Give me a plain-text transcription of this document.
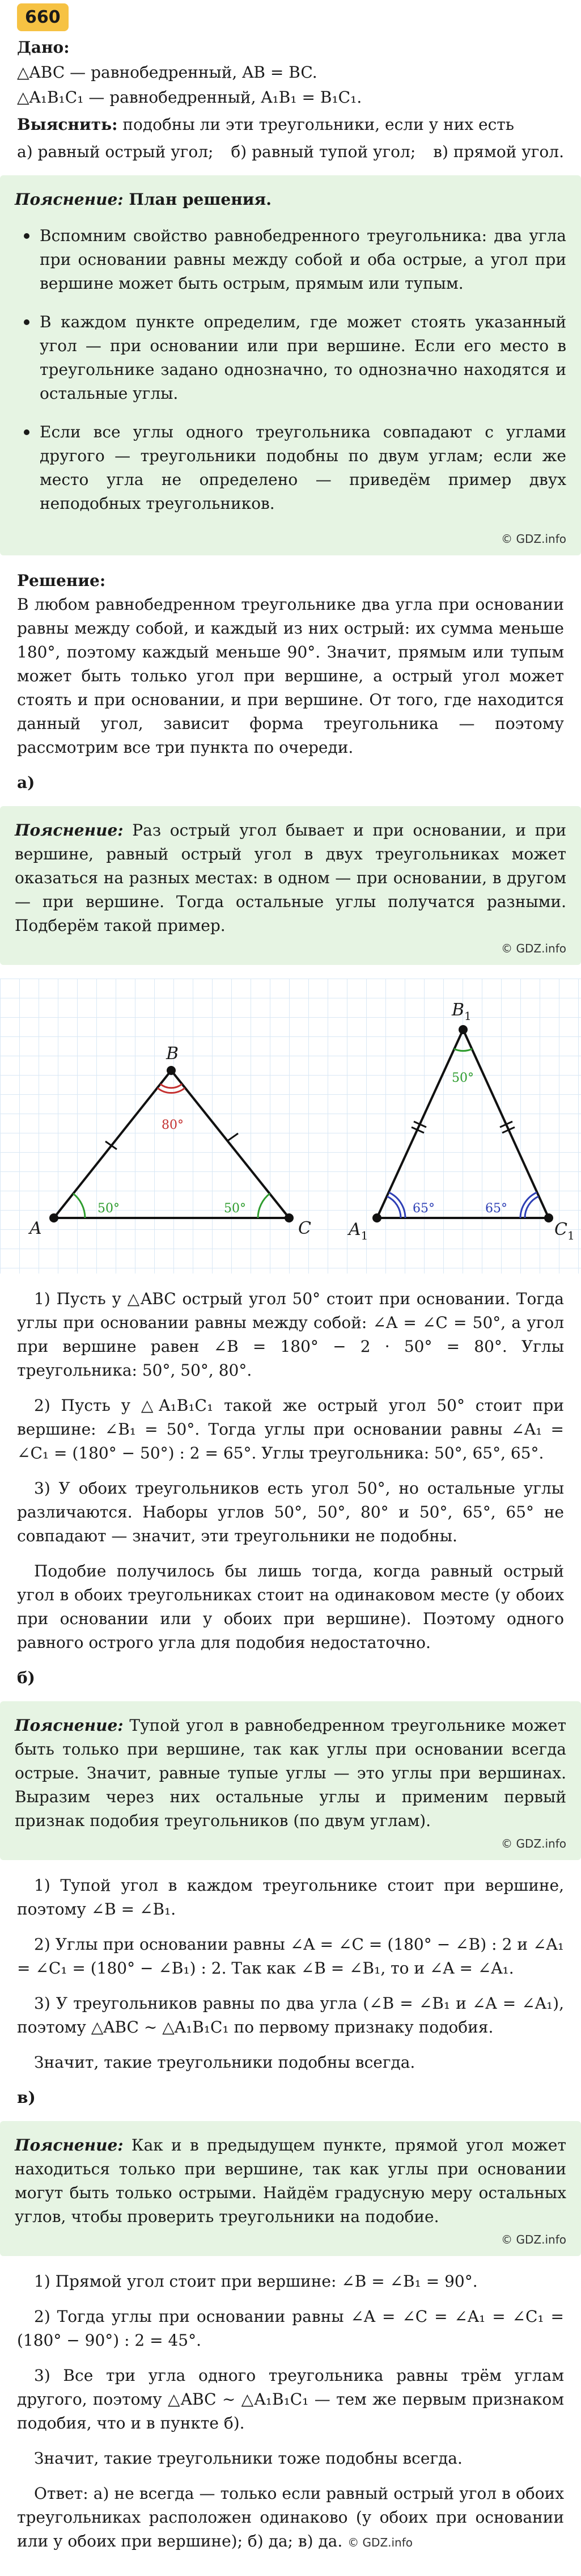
660
Дано:
△ABC — равнобедренный, AB = BC.
△A₁B₁C₁ — равнобедренный, A₁B₁ = B₁C₁.
Выяснить: подобны ли эти треугольники, если у них есть
а) равный острый угол; б) равный тупой угол; в) прямой угол.
Пояснение: План решения.
Вспомним свойство равнобедренного треугольника: два угла при основании равны между собой и оба острые, а угол при вершине может быть острым, прямым или тупым.
В каждом пункте определим, где может стоять указанный угол — при основании или при вершине. Если его место в треугольнике задано однозначно, то однозначно находятся и остальные углы.
Если все углы одного треугольника совпадают с углами другого — треугольники подобны по двум углам; если же место угла не определено — приведём пример двух неподобных треугольников.
© GDZ.info
Решение:
В любом равнобедренном треугольнике два угла при основании равны между собой, и каждый из них острый: их сумма меньше 180°, поэтому каждый меньше 90°. Значит, прямым или тупым может быть только угол при вершине, а острый угол может стоять и при основании, и при вершине. От того, где находится данный угол, зависит форма треугольника — поэтому рассмотрим все три пункта по очереди.
а)
Пояснение: Раз острый угол бывает и при основании, и при вершине, равный острый угол в двух треугольниках может оказаться на разных местах: в одном — при основании, в другом — при вершине. Тогда остальные углы получатся разными. Подберём такой пример.
© GDZ.info
A
B
C
50°	50°
80°
$A_1$
$B_1$
$C_1$
65°	65°
50°
1) Пусть у △ABC острый угол 50° стоит при основании. Тогда углы при основании равны между собой: ∠A = ∠C = 50°, а угол при вершине равен ∠B = 180° − 2 · 50° = 80°. Углы треугольника: 50°, 50°, 80°.
2) Пусть у △A₁B₁C₁ такой же острый угол 50° стоит при вершине: ∠B₁ = 50°. Тогда углы при основании равны ∠A₁ = ∠C₁ = (180° − 50°) : 2 = 65°. Углы треугольника: 50°, 65°, 65°.
3) У обоих треугольников есть угол 50°, но остальные углы различаются. Наборы углов 50°, 50°, 80° и 50°, 65°, 65° не совпадают — значит, эти треугольники не подобны.
Подобие получилось бы лишь тогда, когда равный острый угол в обоих треугольниках стоит на одинаковом месте (у обоих при основании или у обоих при вершине). Поэтому одного равного острого угла для подобия недостаточно.
б)
Пояснение: Тупой угол в равнобедренном треугольнике может быть только при вершине, так как углы при основании всегда острые. Значит, равные тупые углы — это углы при вершинах. Выразим через них остальные углы и применим первый признак подобия треугольников (по двум углам).
© GDZ.info
1) Тупой угол в каждом треугольнике стоит при вершине, поэтому ∠B = ∠B₁.
2) Углы при основании равны ∠A = ∠C = (180° − ∠B) : 2 и ∠A₁ = ∠C₁ = (180° − ∠B₁) : 2. Так как ∠B = ∠B₁, то и ∠A = ∠A₁.
3) У треугольников равны по два угла (∠B = ∠B₁ и ∠A = ∠A₁), поэтому △ABC ∼ △A₁B₁C₁ по первому признаку подобия.
Значит, такие треугольники подобны всегда.
в)
Пояснение: Как и в предыдущем пункте, прямой угол может находиться только при вершине, так как углы при основании могут быть только острыми. Найдём градусную меру остальных углов, чтобы проверить треугольники на подобие.
© GDZ.info
1) Прямой угол стоит при вершине: ∠B = ∠B₁ = 90°.
2) Тогда углы при основании равны ∠A = ∠C = ∠A₁ = ∠C₁ = (180° − 90°) : 2 = 45°.
3) Все три угла одного треугольника равны трём углам другого, поэтому △ABC ∼ △A₁B₁C₁ — тем же первым признаком подобия, что и в пункте б).
Значит, такие треугольники тоже подобны всегда.
Ответ: а) не всегда — только если равный острый угол в обоих треугольниках расположен одинаково (у обоих при основании или у обоих при вершине); б) да; в) да. © GDZ.info
